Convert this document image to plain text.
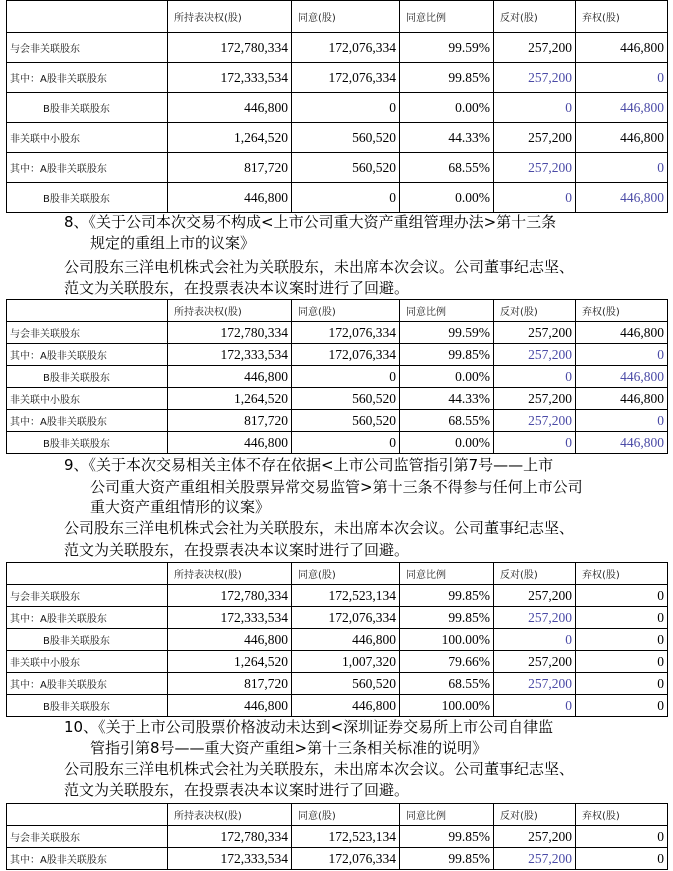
	所持表决权(股)	同意(股)	同意比例	反对(股)	弃权(股)
与会非关联股东	172,780,334	172,076,334	99.59%	257,200	446,800
其中：A股非关联股东	172,333,534	172,076,334	99.85%	257,200	0
B股非关联股东	446,800	0	0.00%	0	446,800
非关联中小股东	1,264,520	560,520	44.33%	257,200	446,800
其中：A股非关联股东	817,720	560,520	68.55%	257,200	0
B股非关联股东	446,800	0	0.00%	0	446,800
8、《关于公司本次交易不构成<上市公司重大资产重组管理办法>第十三条
规定的重组上市的议案》
公司股东三洋电机株式会社为关联股东，未出席本次会议。公司董事纪志坚、
范文为关联股东，在投票表决本议案时进行了回避。
	所持表决权(股)	同意(股)	同意比例	反对(股)	弃权(股)
与会非关联股东	172,780,334	172,076,334	99.59%	257,200	446,800
其中：A股非关联股东	172,333,534	172,076,334	99.85%	257,200	0
B股非关联股东	446,800	0	0.00%	0	446,800
非关联中小股东	1,264,520	560,520	44.33%	257,200	446,800
其中：A股非关联股东	817,720	560,520	68.55%	257,200	0
B股非关联股东	446,800	0	0.00%	0	446,800
9、《关于本次交易相关主体不存在依据<上市公司监管指引第7号——上市
公司重大资产重组相关股票异常交易监管>第十三条不得参与任何上市公司
重大资产重组情形的议案》
公司股东三洋电机株式会社为关联股东，未出席本次会议。公司董事纪志坚、
范文为关联股东，在投票表决本议案时进行了回避。
	所持表决权(股)	同意(股)	同意比例	反对(股)	弃权(股)
与会非关联股东	172,780,334	172,523,134	99.85%	257,200	0
其中：A股非关联股东	172,333,534	172,076,334	99.85%	257,200	0
B股非关联股东	446,800	446,800	100.00%	0	0
非关联中小股东	1,264,520	1,007,320	79.66%	257,200	0
其中：A股非关联股东	817,720	560,520	68.55%	257,200	0
B股非关联股东	446,800	446,800	100.00%	0	0
10、《关于上市公司股票价格波动未达到<深圳证券交易所上市公司自律监
管指引第8号——重大资产重组>第十三条相关标准的说明》
公司股东三洋电机株式会社为关联股东，未出席本次会议。公司董事纪志坚、
范文为关联股东，在投票表决本议案时进行了回避。
	所持表决权(股)	同意(股)	同意比例	反对(股)	弃权(股)
与会非关联股东	172,780,334	172,523,134	99.85%	257,200	0
其中：A股非关联股东	172,333,534	172,076,334	99.85%	257,200	0
